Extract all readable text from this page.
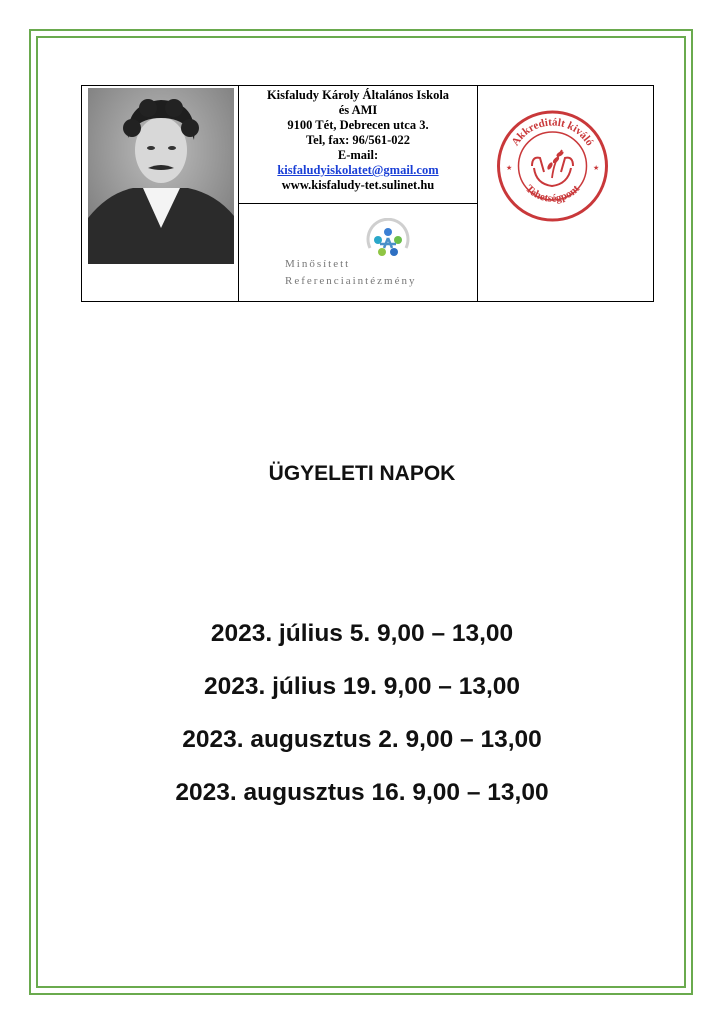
Kisfaludy Károly Általános Iskola
és AMI
9100 Tét, Debrecen utca 3.
Tel, fax: 96/561-022
E-mail:
kisfaludyiskolatet@gmail.com
www.kisfaludy-tet.sulinet.hu
Minősített
Referenciaintézmény
Akkreditált kiváló
Tehetségpont
★	★
ÜGYELETI NAPOK
2023. július 5. 9,00 – 13,00
2023. július 19. 9,00 – 13,00
2023. augusztus 2. 9,00 – 13,00
2023. augusztus 16. 9,00 – 13,00
